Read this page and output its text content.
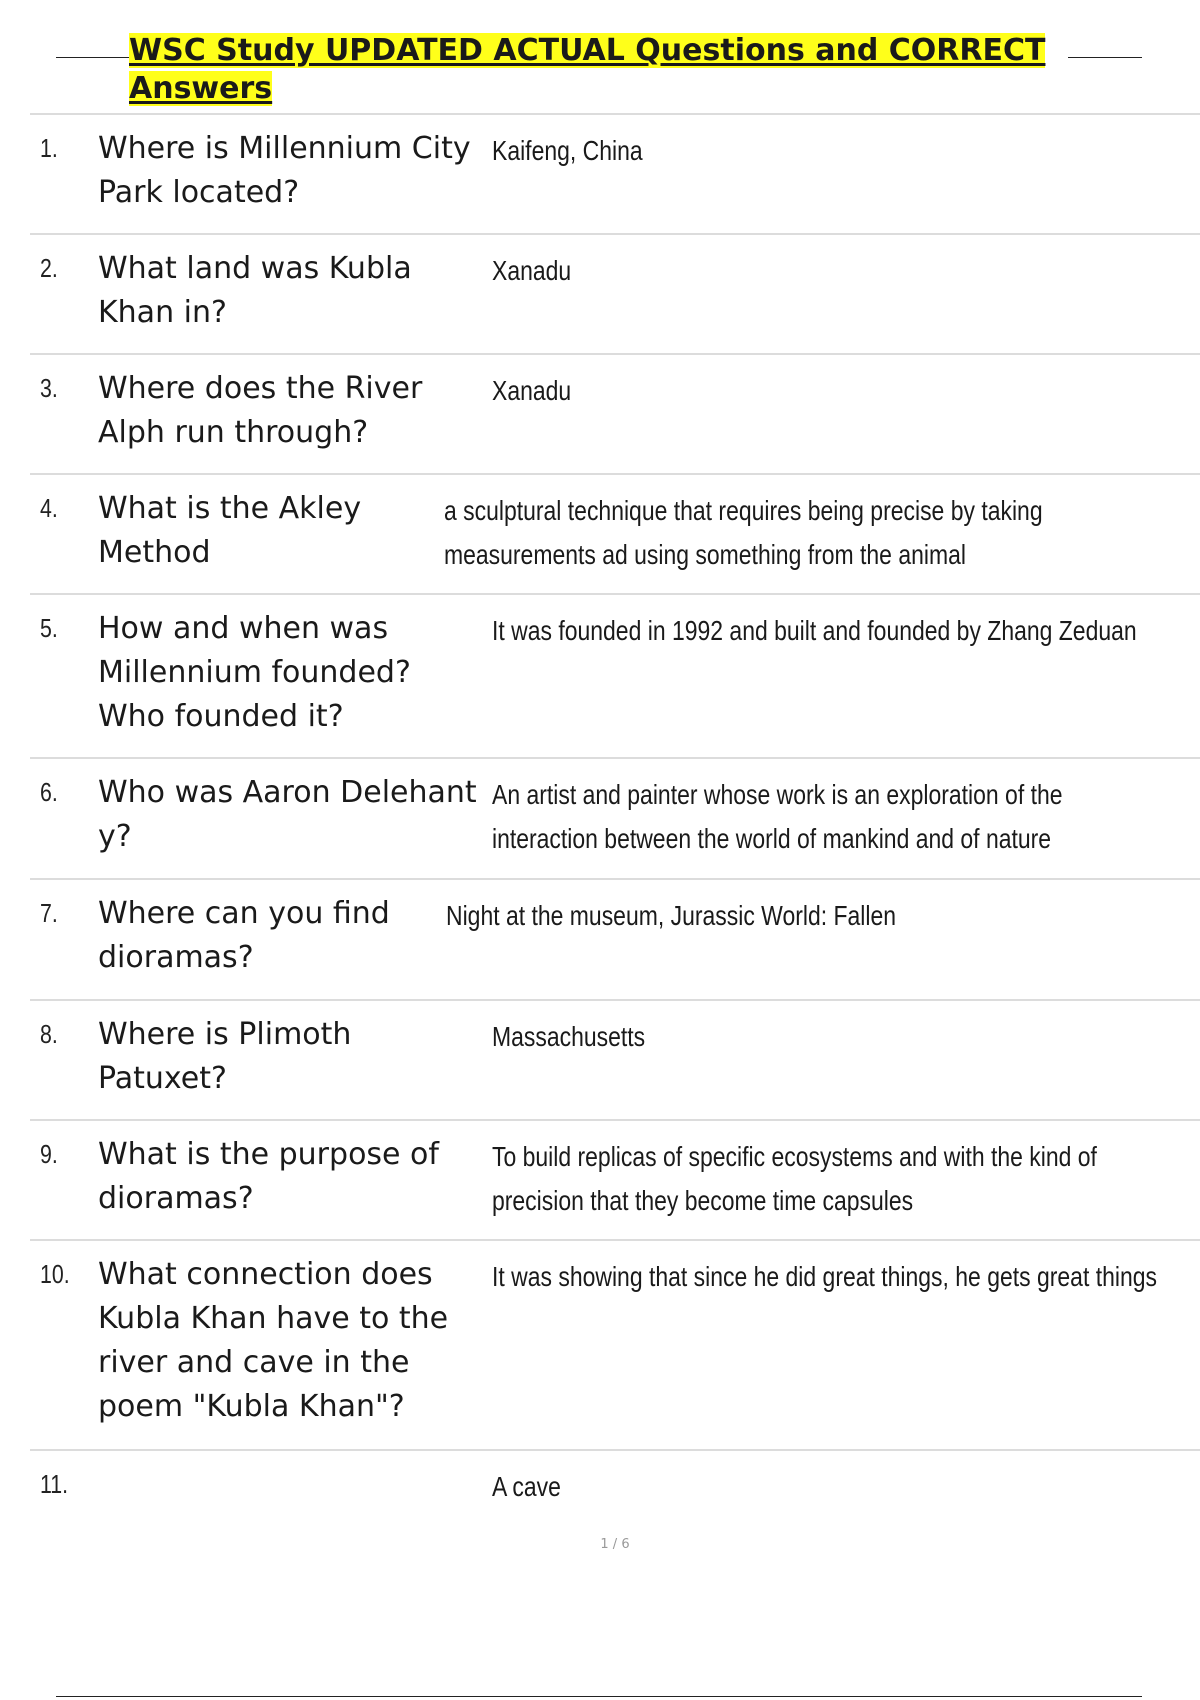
WSC Study UPDATED ACTUAL Questions and CORRECT Answers
1. Where is Millennium City Park located?
Kaifeng, China
2. What land was Kubla Khan in?
Xanadu
3. Where does the River Alph run through?
Xanadu
4. What is the Akley Method
a sculptural technique that requires being precise by taking measurements ad using something from the animal
5. How and when was Millennium founded? Who founded it?
It was founded in 1992 and built and founded by Zhang Zeduan
6. Who was Aaron Delehanty?
An artist and painter whose work is an exploration of the interaction between the world of mankind and of nature
7. Where can you find dioramas?
Night at the museum, Jurassic World: Fallen
8. Where is Plimoth Patuxet?
Massachusetts
9. What is the purpose of dioramas?
To build replicas of specific ecosystems and with the kind of precision that they become time capsules
10. What connection does Kubla Khan have to the river and cave in the poem "Kubla Khan"?
It was showing that since he did great things, he gets great things
11.	A cave
1 / 6
